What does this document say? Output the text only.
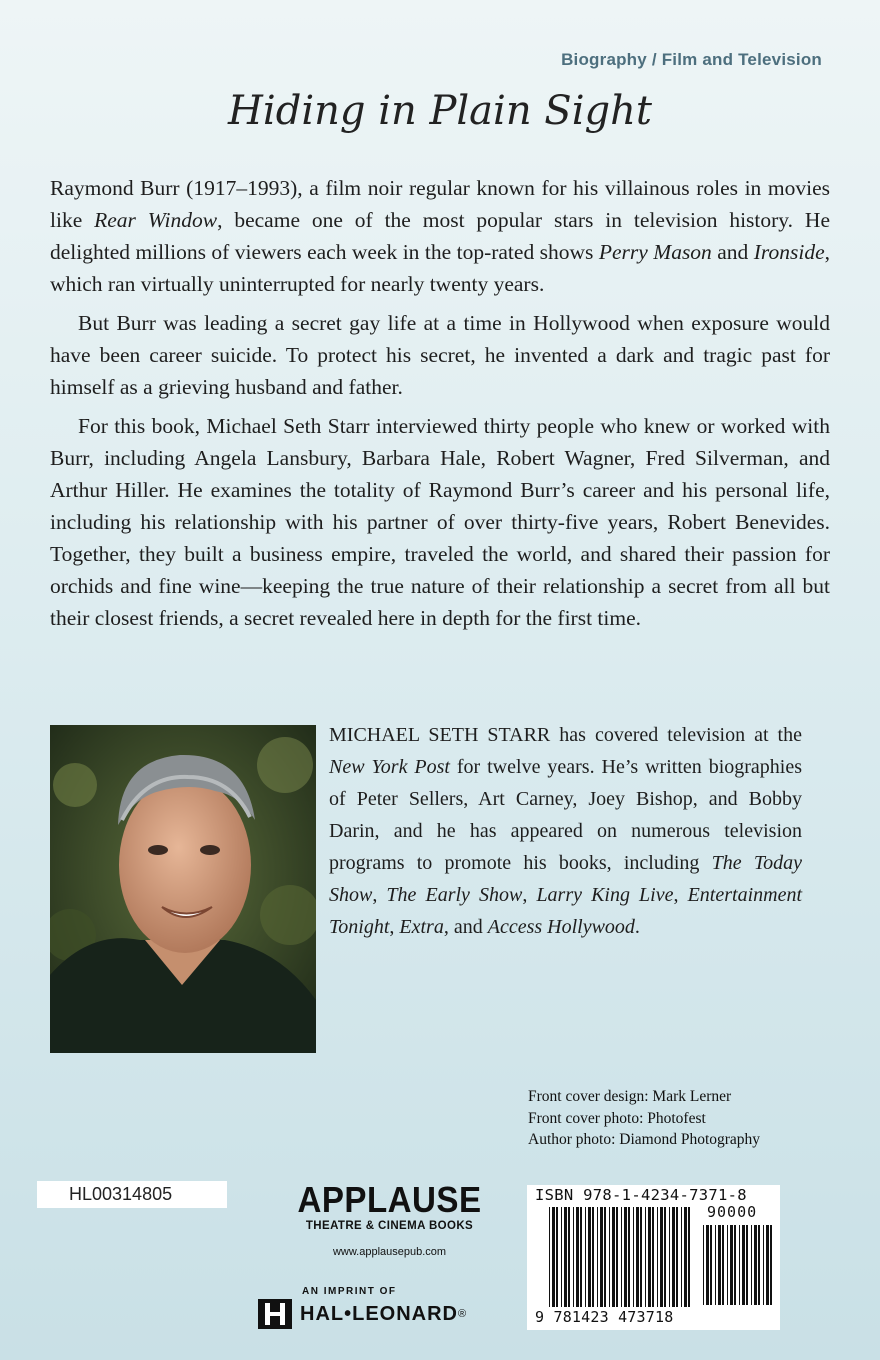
Biography / Film and Television
Hiding in Plain Sight

Raymond Burr (1917–1993), a film noir regular known for his villainous roles in movies like Rear Window, became one of the most popular stars in television history. He delighted millions of viewers each week in the top-rated shows Perry Mason and Ironside, which ran virtually uninterrupted for nearly twenty years.

But Burr was leading a secret gay life at a time in Hollywood when exposure would have been career suicide. To protect his secret, he invented a dark and tragic past for himself as a grieving husband and father.

For this book, Michael Seth Starr interviewed thirty people who knew or worked with Burr, including Angela Lansbury, Barbara Hale, Robert Wagner, Fred Silverman, and Arthur Hiller. He examines the totality of Raymond Burr’s career and his personal life, including his relationship with his partner of over thirty-five years, Robert Benevides. Together, they built a business empire, traveled the world, and shared their passion for orchids and fine wine—keeping the true nature of their relationship a secret from all but their closest friends, a secret revealed here in depth for the first time.

MICHAEL SETH STARR has covered television at the New York Post for twelve years. He’s written biographies of Peter Sellers, Art Carney, Joey Bishop, and Bobby Darin, and he has appeared on numerous television programs to promote his books, including The Today Show, The Early Show, Larry King Live, Entertainment Tonight, Extra, and Access Hollywood.
Front cover design: Mark Lerner
Front cover photo: Photofest
Author photo: Diamond Photography
HL00314805	APPLAUSE
THEATRE & CINEMA BOOKS
www.applausepub.com
AN IMPRINT OF
HAL•LEONARD ®
ISBN 978-1-4234-7371-8
90000
9 781423 473718
